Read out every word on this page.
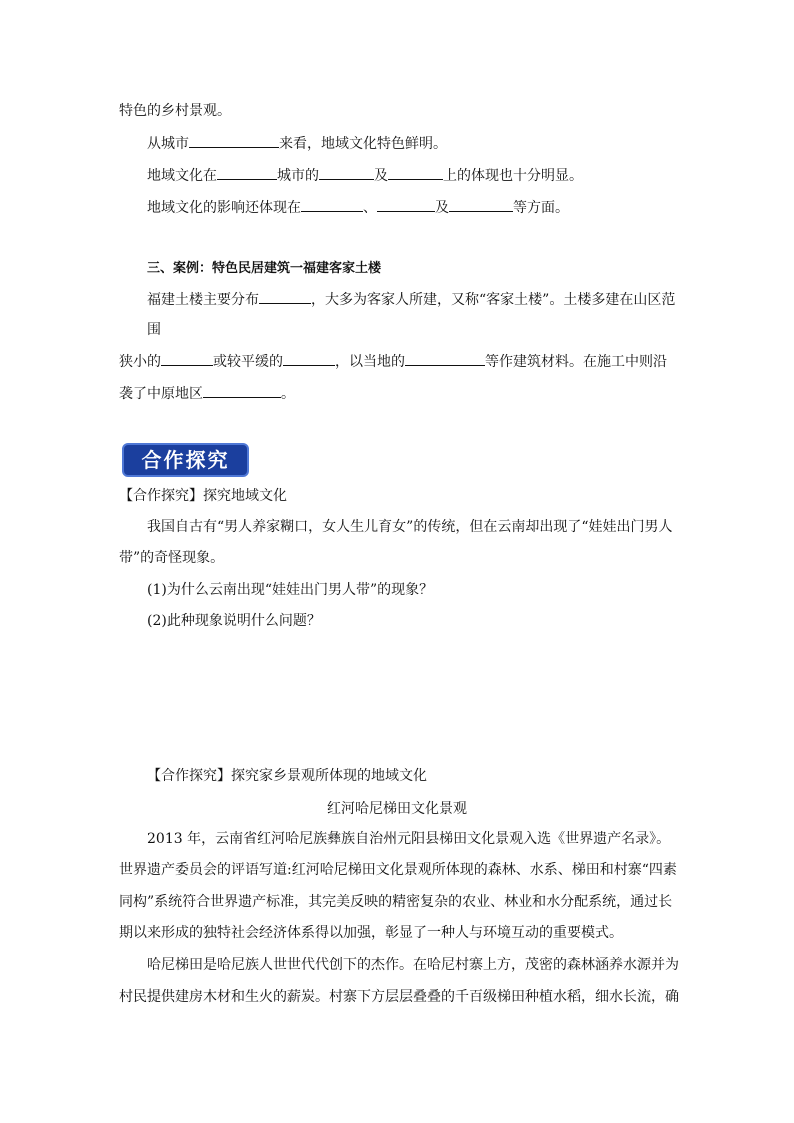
特色的乡村景观。
从城市	来看，地域文化特色鲜明。
地域文化在	城市的	及	上的体现也十分明显。
地域文化的影响还体现在	、	及	等方面。
三、案例：特色民居建筑一福建客家土楼
福建土楼主要分布	，大多为客家人所建，又称“客家土楼”。土楼多建在山区范
围
狭小的	或较平缓的	，以当地的	等作建筑材料。在施工中则沿
袭了中原地区	。
合作探究
【合作探究】探究地域文化
我国自古有“男人养家糊口，女人生儿育女”的传统，但在云南却出现了“娃娃出门男人
带”的奇怪现象。
(1)为什么云南出现“娃娃出门男人带”的现象？
(2)此种现象说明什么问题？
【合作探究】探究家乡景观所体现的地域文化
红河哈尼梯田文化景观
2013 年，云南省红河哈尼族彝族自治州元阳县梯田文化景观入选《世界遗产名录》。
世界遗产委员会的评语写道:红河哈尼梯田文化景观所体现的森林、水系、梯田和村寨“四素
同构”系统符合世界遗产标准，其完美反映的精密复杂的农业、林业和水分配系统，通过长
期以来形成的独特社会经济体系得以加强，彰显了一种人与环境互动的重要模式。
哈尼梯田是哈尼族人世世代代创下的杰作。在哈尼村寨上方，茂密的森林涵养水源并为
村民提供建房木材和生火的薪炭。村寨下方层层叠叠的千百级梯田种植水稻，细水长流，确
